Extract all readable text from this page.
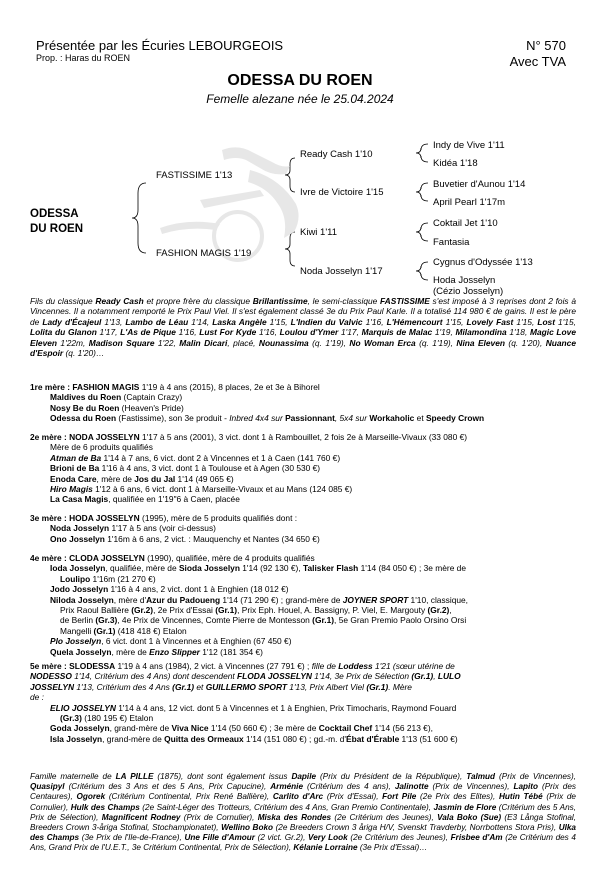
Présentée par les Écuries LEBOURGEOIS
Prop. : Haras du ROEN
N° 570
Avec TVA
ODESSA DU ROEN
Femelle alezane née le 25.04.2024
ODESSA
DU ROEN
FASTISSIME 1'13
FASHION MAGIS 1'19
Ready Cash 1'10
Ivre de Victoire 1'15
Kiwi 1'11
Noda Josselyn 1'17
Indy de Vive 1'11
Kidéa 1'18
Buvetier d'Aunou 1'14
April Pearl 1'17m
Coktail Jet 1'10
Fantasia
Cygnus d'Odyssée 1'13
Hoda Josselyn
(Cézio Josselyn)
Fils du classique Ready Cash et propre frère du classique Brillantissime, le semi-classique FASTISSIME s'est imposé à 3 reprises dont 2 fois à Vincennes. Il a notamment remporté le Prix Paul Viel. Il s'est également classé 3e du Prix Paul Karle. Il a totalisé 114 980 € de gains. Il est le père de Lady d'Écajeul 1'13, Lambo de Léau 1'14, Laska Angèle 1'15, L'Indien du Valvic 1'16, L'Hémencourt 1'15, Lovely Fast 1'15, Lost 1'15, Lolita du Glanon 1'17, L'As de Pique 1'16, Lust For Kyde 1'16, Loulou d'Ymer 1'17, Marquis de Malac 1'19, Milamondina 1'18, Magic Love Eleven 1'22m, Madison Square 1'22, Malin Dicari, placé, Nounassima (q. 1'19), No Woman Erca (q. 1'19), Nina Eleven (q. 1'20), Nuance d'Espoir (q. 1'20)…
1re mère : FASHION MAGIS 1'19 à 4 ans (2015), 8 places, 2e et 3e à Bihorel
Maldives du Roen (Captain Crazy)
Nosy Be du Roen (Heaven's Pride)
Odessa du Roen (Fastissime), son 3e produit - Inbred 4x4 sur Passionnant, 5x4 sur Workaholic et Speedy Crown
2e mère : NODA JOSSELYN 1'17 à 5 ans (2001), 3 vict. dont 1 à Rambouillet, 2 fois 2e à Marseille-Vivaux (33 080 €)
Mère de 6 produits qualifiés
Atman de Ba 1'14 à 7 ans, 6 vict. dont 2 à Vincennes et 1 à Caen (141 760 €)
Brioni de Ba 1'16 à 4 ans, 3 vict. dont 1 à Toulouse et à Agen (30 530 €)
Enoda Care, mère de Jos du Jal 1'14 (49 065 €)
Hiro Magis 1'12 à 6 ans, 6 vict. dont 1 à Marseille-Vivaux et au Mans (124 085 €)
La Casa Magis, qualifiée en 1'19"6 à Caen, placée
3e mère : HODA JOSSELYN (1995), mère de 5 produits qualifiés dont :
Noda Josselyn 1'17 à 5 ans (voir ci-dessus)
Ono Josselyn 1'16m à 6 ans, 2 vict. : Mauquenchy et Nantes (34 650 €)
4e mère : CLODA JOSSELYN (1990), qualifiée, mère de 4 produits qualifiés
Ioda Josselyn, qualifiée, mère de Sioda Josselyn 1'14 (92 130 €), Talisker Flash 1'14 (84 050 €) ; 3e mère de
Loulipo 1'16m (21 270 €)
Jodo Josselyn 1'16 à 4 ans, 2 vict. dont 1 à Enghien (18 012 €)
Niloda Josselyn, mère d'Azur du Padoueng 1'14 (71 290 €) ; grand-mère de JOYNER SPORT 1'10, classique,
Prix Raoul Ballière (Gr.2), 2e Prix d'Essai (Gr.1), Prix Eph. Houel, A. Bassigny, P. Viel, E. Margouty (Gr.2),
de Berlin (Gr.3), 4e Prix de Vincennes, Comte Pierre de Montesson (Gr.1), 5e Gran Premio Paolo Orsino Orsi
Mangelli (Gr.1) (418 418 €) Etalon
Plo Josselyn, 6 vict. dont 1 à Vincennes et à Enghien (67 450 €)
Quela Josselyn, mère de Enzo Slipper 1'12 (181 354 €)
5e mère : SLODESSA 1'19 à 4 ans (1984), 2 vict. à Vincennes (27 791 €) ; fille de Loddess 1'21 (sœur utérine de
NODESSO 1'14, Critérium des 4 Ans) dont descendent FLODA JOSSELYN 1'14, 3e Prix de Sélection (Gr.1), LULO
JOSSELYN 1'13, Critérium des 4 Ans (Gr.1) et GUILLERMO SPORT 1'13, Prix Albert Viel (Gr.1). Mère
de :
ELIO JOSSELYN 1'14 à 4 ans, 12 vict. dont 5 à Vincennes et 1 à Enghien, Prix Timocharis, Raymond Fouard
(Gr.3) (180 195 €) Etalon
Goda Josselyn, grand-mère de Viva Nice 1'14 (50 660 €) ; 3e mère de Cocktail Chef 1'14 (56 213 €),
Isla Josselyn, grand-mère de Quitta des Ormeaux 1'14 (151 080 €) ; gd.-m. d'Ébat d'Érable 1'13 (51 600 €)
Famille maternelle de LA PILLE (1875), dont sont également issus Dapile (Prix du Président de la République), Talmud (Prix de Vincennes), Quasipyl (Critérium des 3 Ans et des 5 Ans, Prix Capucine), Arménie (Critérium des 4 ans), Jalinotte (Prix de Vincennes), Lapito (Prix des Centaures), Ogorek (Critérium Continental, Prix René Ballière), Carlito d'Arc (Prix d'Essai), Fort Pile (2e Prix des Elites), Hutin Tébé (Prix de Cornulier), Hulk des Champs (2e Saint-Léger des Trotteurs, Critérium des 4 Ans, Gran Premio Continentale), Jasmin de Flore (Critérium des 5 Ans, Prix de Sélection), Magnificent Rodney (Prix de Cornulier), Miska des Rondes (2e Critérium des Jeunes), Vala Boko (Sue) (E3 Långa Stofinal, Breeders Crown 3-åriga Stofinal, Stochampionatet), Wellino Boko (2e Breeders Crown 3 åriga H/V, Svenskt Travderby, Norrbottens Stora Pris), Ulka des Champs (3e Prix de l'Ile-de-France), Une Fille d'Amour (2 vict. Gr.2), Very Look (2e Critérium des Jeunes), Frisbee d'Am (2e Critérium des 4 Ans, Grand Prix de l'U.E.T., 3e Critérium Continental, Prix de Sélection), Kélanie Lorraine (3e Prix d'Essai)…
